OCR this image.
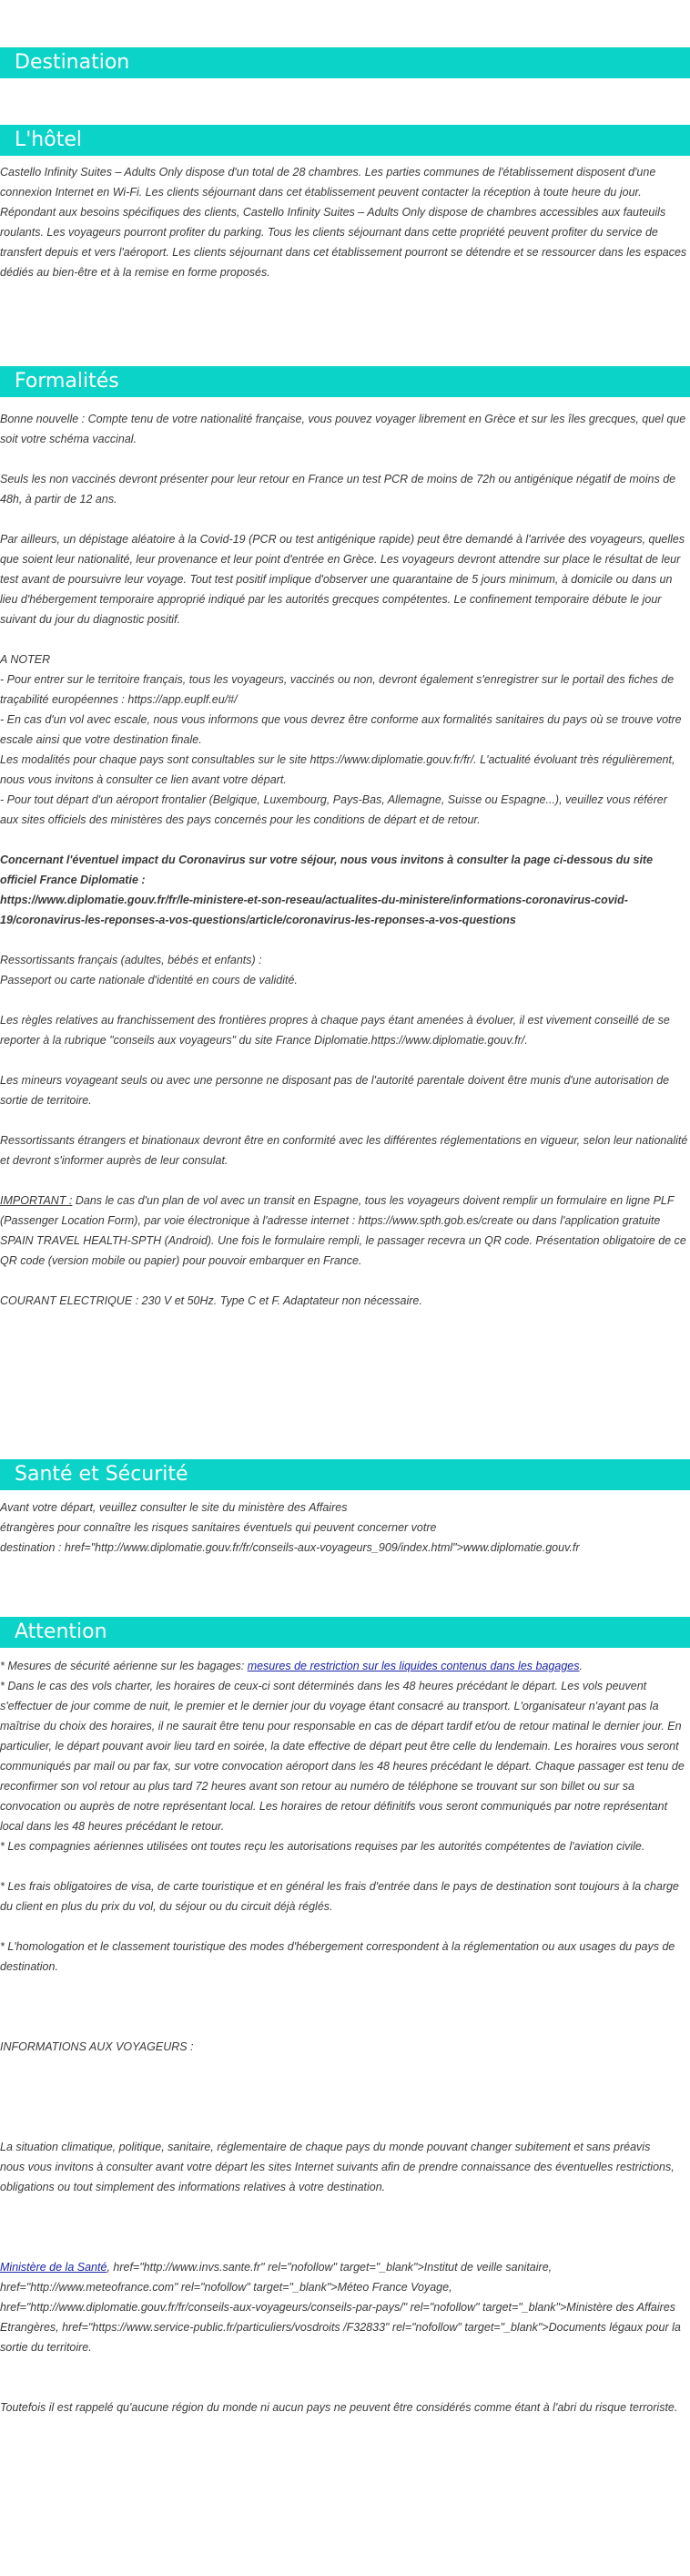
Destination
L'hôtel

Castello Infinity Suites – Adults Only dispose d'un total de 28 chambres. Les parties communes de l'établissement disposent d'une connexion Internet en Wi-Fi. Les clients séjournant dans cet établissement peuvent contacter la réception à toute heure du jour. Répondant aux besoins spécifiques des clients, Castello Infinity Suites – Adults Only dispose de chambres accessibles aux fauteuils roulants. Les voyageurs pourront profiter du parking. Tous les clients séjournant dans cette propriété peuvent profiter du service de transfert depuis et vers l'aéroport. Les clients séjournant dans cet établissement pourront se détendre et se ressourcer dans les espaces dédiés au bien-être et à la remise en forme proposés.

Formalités

Bonne nouvelle : Compte tenu de votre nationalité française, vous pouvez voyager librement en Grèce et sur les îles grecques, quel que soit votre schéma vaccinal.

Seuls les non vaccinés devront présenter pour leur retour en France un test PCR de moins de 72h ou antigénique négatif de moins de 48h, à partir de 12 ans.

Par ailleurs, un dépistage aléatoire à la Covid-19 (PCR ou test antigénique rapide) peut être demandé à l'arrivée des voyageurs, quelles que soient leur nationalité, leur provenance et leur point d'entrée en Grèce. Les voyageurs devront attendre sur place le résultat de leur test avant de poursuivre leur voyage. Tout test positif implique d'observer une quarantaine de 5 jours minimum, à domicile ou dans un lieu d'hébergement temporaire approprié indiqué par les autorités grecques compétentes. Le confinement temporaire débute le jour suivant du jour du diagnostic positif.

A NOTER

- Pour entrer sur le territoire français, tous les voyageurs, vaccinés ou non, devront également s'enregistrer sur le portail des fiches de traçabilité européennes : https://app.euplf.eu/#/

- En cas d'un vol avec escale, nous vous informons que vous devrez être conforme aux formalités sanitaires du pays où se trouve votre escale ainsi que votre destination finale.

Les modalités pour chaque pays sont consultables sur le site https://www.diplomatie.gouv.fr/fr/. L'actualité évoluant très régulièrement, nous vous invitons à consulter ce lien avant votre départ.

- Pour tout départ d'un aéroport frontalier (Belgique, Luxembourg, Pays-Bas, Allemagne, Suisse ou Espagne...), veuillez vous référer aux sites officiels des ministères des pays concernés pour les conditions de départ et de retour.

Concernant l'éventuel impact du Coronavirus sur votre séjour, nous vous invitons à consulter la page ci-dessous du site officiel France Diplomatie :

https://www.diplomatie.gouv.fr/fr/le-ministere-et-son-reseau/actualites-du-ministere/informations-coronavirus-covid-19/coronavirus-les-reponses-a-vos-questions/article/coronavirus-les-reponses-a-vos-questions

Ressortissants français (adultes, bébés et enfants) :

Passeport ou carte nationale d'identité en cours de validité.

Les règles relatives au franchissement des frontières propres à chaque pays étant amenées à évoluer, il est vivement conseillé de se reporter à la rubrique "conseils aux voyageurs" du site France Diplomatie.https://www.diplomatie.gouv.fr/.

Les mineurs voyageant seuls ou avec une personne ne disposant pas de l'autorité parentale doivent être munis d'une autorisation de sortie de territoire.

Ressortissants étrangers et binationaux devront être en conformité avec les différentes réglementations en vigueur, selon leur nationalité et devront s'informer auprès de leur consulat.

IMPORTANT : Dans le cas d'un plan de vol avec un transit en Espagne, tous les voyageurs doivent remplir un formulaire en ligne PLF (Passenger Location Form), par voie électronique à l'adresse internet : https://www.spth.gob.es/create ou dans l'application gratuite SPAIN TRAVEL HEALTH-SPTH (Android). Une fois le formulaire rempli, le passager recevra un QR code. Présentation obligatoire de ce QR code (version mobile ou papier) pour pouvoir embarquer en France.

COURANT ELECTRIQUE : 230 V et 50Hz. Type C et F. Adaptateur non nécessaire.

Santé et Sécurité

Avant votre départ, veuillez consulter le site du ministère des Affaires

étrangères pour connaître les risques sanitaires éventuels qui peuvent concerner votre

destination : href="http://www.diplomatie.gouv.fr/fr/conseils-aux-voyageurs_909/index.html">www.diplomatie.gouv.fr

Attention

* Mesures de sécurité aérienne sur les bagages: mesures de restriction sur les liquides contenus dans les bagages.

* Dans le cas des vols charter, les horaires de ceux-ci sont déterminés dans les 48 heures précédant le départ. Les vols peuvent s'effectuer de jour comme de nuit, le premier et le dernier jour du voyage étant consacré au transport. L'organisateur n'ayant pas la maîtrise du choix des horaires, il ne saurait être tenu pour responsable en cas de départ tardif et/ou de retour matinal le dernier jour. En particulier, le départ pouvant avoir lieu tard en soirée, la date effective de départ peut être celle du lendemain. Les horaires vous seront communiqués par mail ou par fax, sur votre convocation aéroport dans les 48 heures précédant le départ. Chaque passager est tenu de reconfirmer son vol retour au plus tard 72 heures avant son retour au numéro de téléphone se trouvant sur son billet ou sur sa convocation ou auprès de notre représentant local. Les horaires de retour définitifs vous seront communiqués par notre représentant local dans les 48 heures précédant le retour.

* Les compagnies aériennes utilisées ont toutes reçu les autorisations requises par les autorités compétentes de l'aviation civile.

* Les frais obligatoires de visa, de carte touristique et en général les frais d'entrée dans le pays de destination sont toujours à la charge du client en plus du prix du vol, du séjour ou du circuit déjà réglés.

* L'homologation et le classement touristique des modes d'hébergement correspondent à la réglementation ou aux usages du pays de destination.

INFORMATIONS AUX VOYAGEURS :

La situation climatique, politique, sanitaire, réglementaire de chaque pays du monde pouvant changer subitement et sans préavis

nous vous invitons à consulter avant votre départ les sites Internet suivants afin de prendre connaissance des éventuelles restrictions, obligations ou tout simplement des informations relatives à votre destination.

Ministère de la Santé, href="http://www.invs.sante.fr" rel="nofollow" target="_blank">Institut de veille sanitaire, href="http://www.meteofrance.com" rel="nofollow" target="_blank">Méteo France Voyage, href="http://www.diplomatie.gouv.fr/fr/conseils-aux-voyageurs/conseils-par-pays/" rel="nofollow" target="_blank">Ministère des Affaires Etrangères, href="https://www.service-public.fr/particuliers/vosdroits /F32833" rel="nofollow" target="_blank">Documents légaux pour la sortie du territoire.

Toutefois il est rappelé qu'aucune région du monde ni aucun pays ne peuvent être considérés comme étant à l'abri du risque terroriste.
